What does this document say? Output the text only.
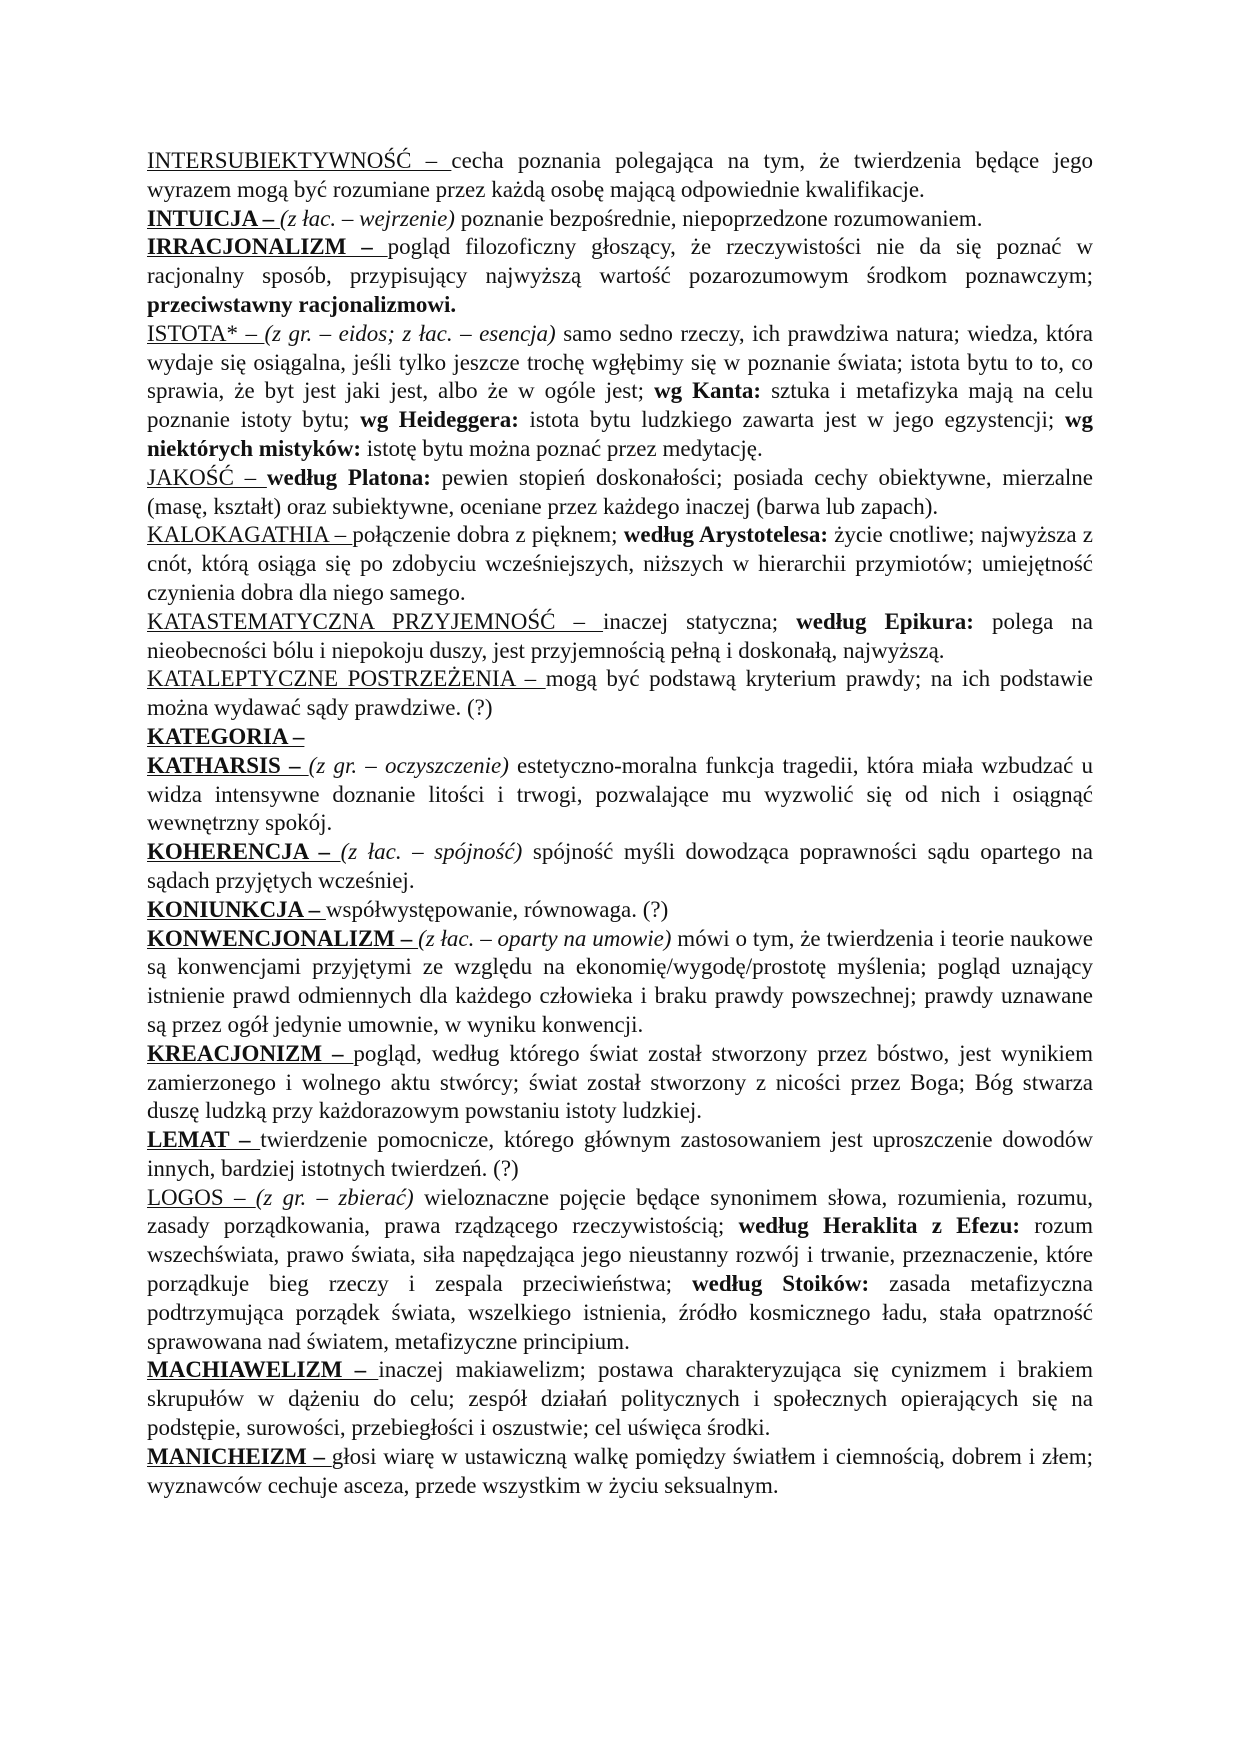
INTERSUBIEKTYWNOŚĆ – cecha poznania polegająca na tym, że twierdzenia będące jego wyrazem mogą być rozumiane przez każdą osobę mającą odpowiednie kwalifikacje.

INTUICJA – (z łac. – wejrzenie) poznanie bezpośrednie, niepoprzedzone rozumowaniem.

IRRACJONALIZM – pogląd filozoficzny głoszący, że rzeczywistości nie da się poznać w racjonalny sposób, przypisujący najwyższą wartość pozarozumowym środkom poznawczym; przeciwstawny racjonalizmowi.

ISTOTA* – (z gr. – eidos; z łac. – esencja) samo sedno rzeczy, ich prawdziwa natura; wiedza, która wydaje się osiągalna, jeśli tylko jeszcze trochę wgłębimy się w poznanie świata; istota bytu to to, co sprawia, że byt jest jaki jest, albo że w ogóle jest; wg Kanta: sztuka i metafizyka mają na celu poznanie istoty bytu; wg Heideggera: istota bytu ludzkiego zawarta jest w jego egzystencji; wg niektórych mistyków: istotę bytu można poznać przez medytację.

JAKOŚĆ – według Platona: pewien stopień doskonałości; posiada cechy obiektywne, mierzalne (masę, kształt) oraz subiektywne, oceniane przez każdego inaczej (barwa lub zapach).

KALOKAGATHIA – połączenie dobra z pięknem; według Arystotelesa: życie cnotliwe; najwyższa z cnót, którą osiąga się po zdobyciu wcześniejszych, niższych w hierarchii przymiotów; umiejętność czynienia dobra dla niego samego.

KATASTEMATYCZNA PRZYJEMNOŚĆ – inaczej statyczna; według Epikura: polega na nieobecności bólu i niepokoju duszy, jest przyjemnością pełną i doskonałą, najwyższą.

KATALEPTYCZNE POSTRZEŻENIA – mogą być podstawą kryterium prawdy; na ich podstawie można wydawać sądy prawdziwe. (?)

KATEGORIA –

KATHARSIS – (z gr. – oczyszczenie) estetyczno-moralna funkcja tragedii, która miała wzbudzać u widza intensywne doznanie litości i trwogi, pozwalające mu wyzwolić się od nich i osiągnąć wewnętrzny spokój.

KOHERENCJA – (z łac. – spójność) spójność myśli dowodząca poprawności sądu opartego na sądach przyjętych wcześniej.

KONIUNKCJA – współwystępowanie, równowaga. (?)

KONWENCJONALIZM – (z łac. – oparty na umowie) mówi o tym, że twierdzenia i teorie naukowe są konwencjami przyjętymi ze względu na ekonomię/wygodę/prostotę myślenia; pogląd uznający istnienie prawd odmiennych dla każdego człowieka i braku prawdy powszechnej; prawdy uznawane są przez ogół jedynie umownie, w wyniku konwencji.

KREACJONIZM – pogląd, według którego świat został stworzony przez bóstwo, jest wynikiem zamierzonego i wolnego aktu stwórcy; świat został stworzony z nicości przez Boga; Bóg stwarza duszę ludzką przy każdorazowym powstaniu istoty ludzkiej.

LEMAT – twierdzenie pomocnicze, którego głównym zastosowaniem jest uproszczenie dowodów innych, bardziej istotnych twierdzeń. (?)

LOGOS – (z gr. – zbierać) wieloznaczne pojęcie będące synonimem słowa, rozumienia, rozumu, zasady porządkowania, prawa rządzącego rzeczywistością; według Heraklita z Efezu: rozum wszechświata, prawo świata, siła napędzająca jego nieustanny rozwój i trwanie, przeznaczenie, które porządkuje bieg rzeczy i zespala przeciwieństwa; według Stoików: zasada metafizyczna podtrzymująca porządek świata, wszelkiego istnienia, źródło kosmicznego ładu, stała opatrzność sprawowana nad światem, metafizyczne principium.

MACHIAWELIZM – inaczej makiawelizm; postawa charakteryzująca się cynizmem i brakiem skrupułów w dążeniu do celu; zespół działań politycznych i społecznych opierających się na podstępie, surowości, przebiegłości i oszustwie; cel uświęca środki.

MANICHEIZM – głosi wiarę w ustawiczną walkę pomiędzy światłem i ciemnością, dobrem i złem; wyznawców cechuje asceza, przede wszystkim w życiu seksualnym.
